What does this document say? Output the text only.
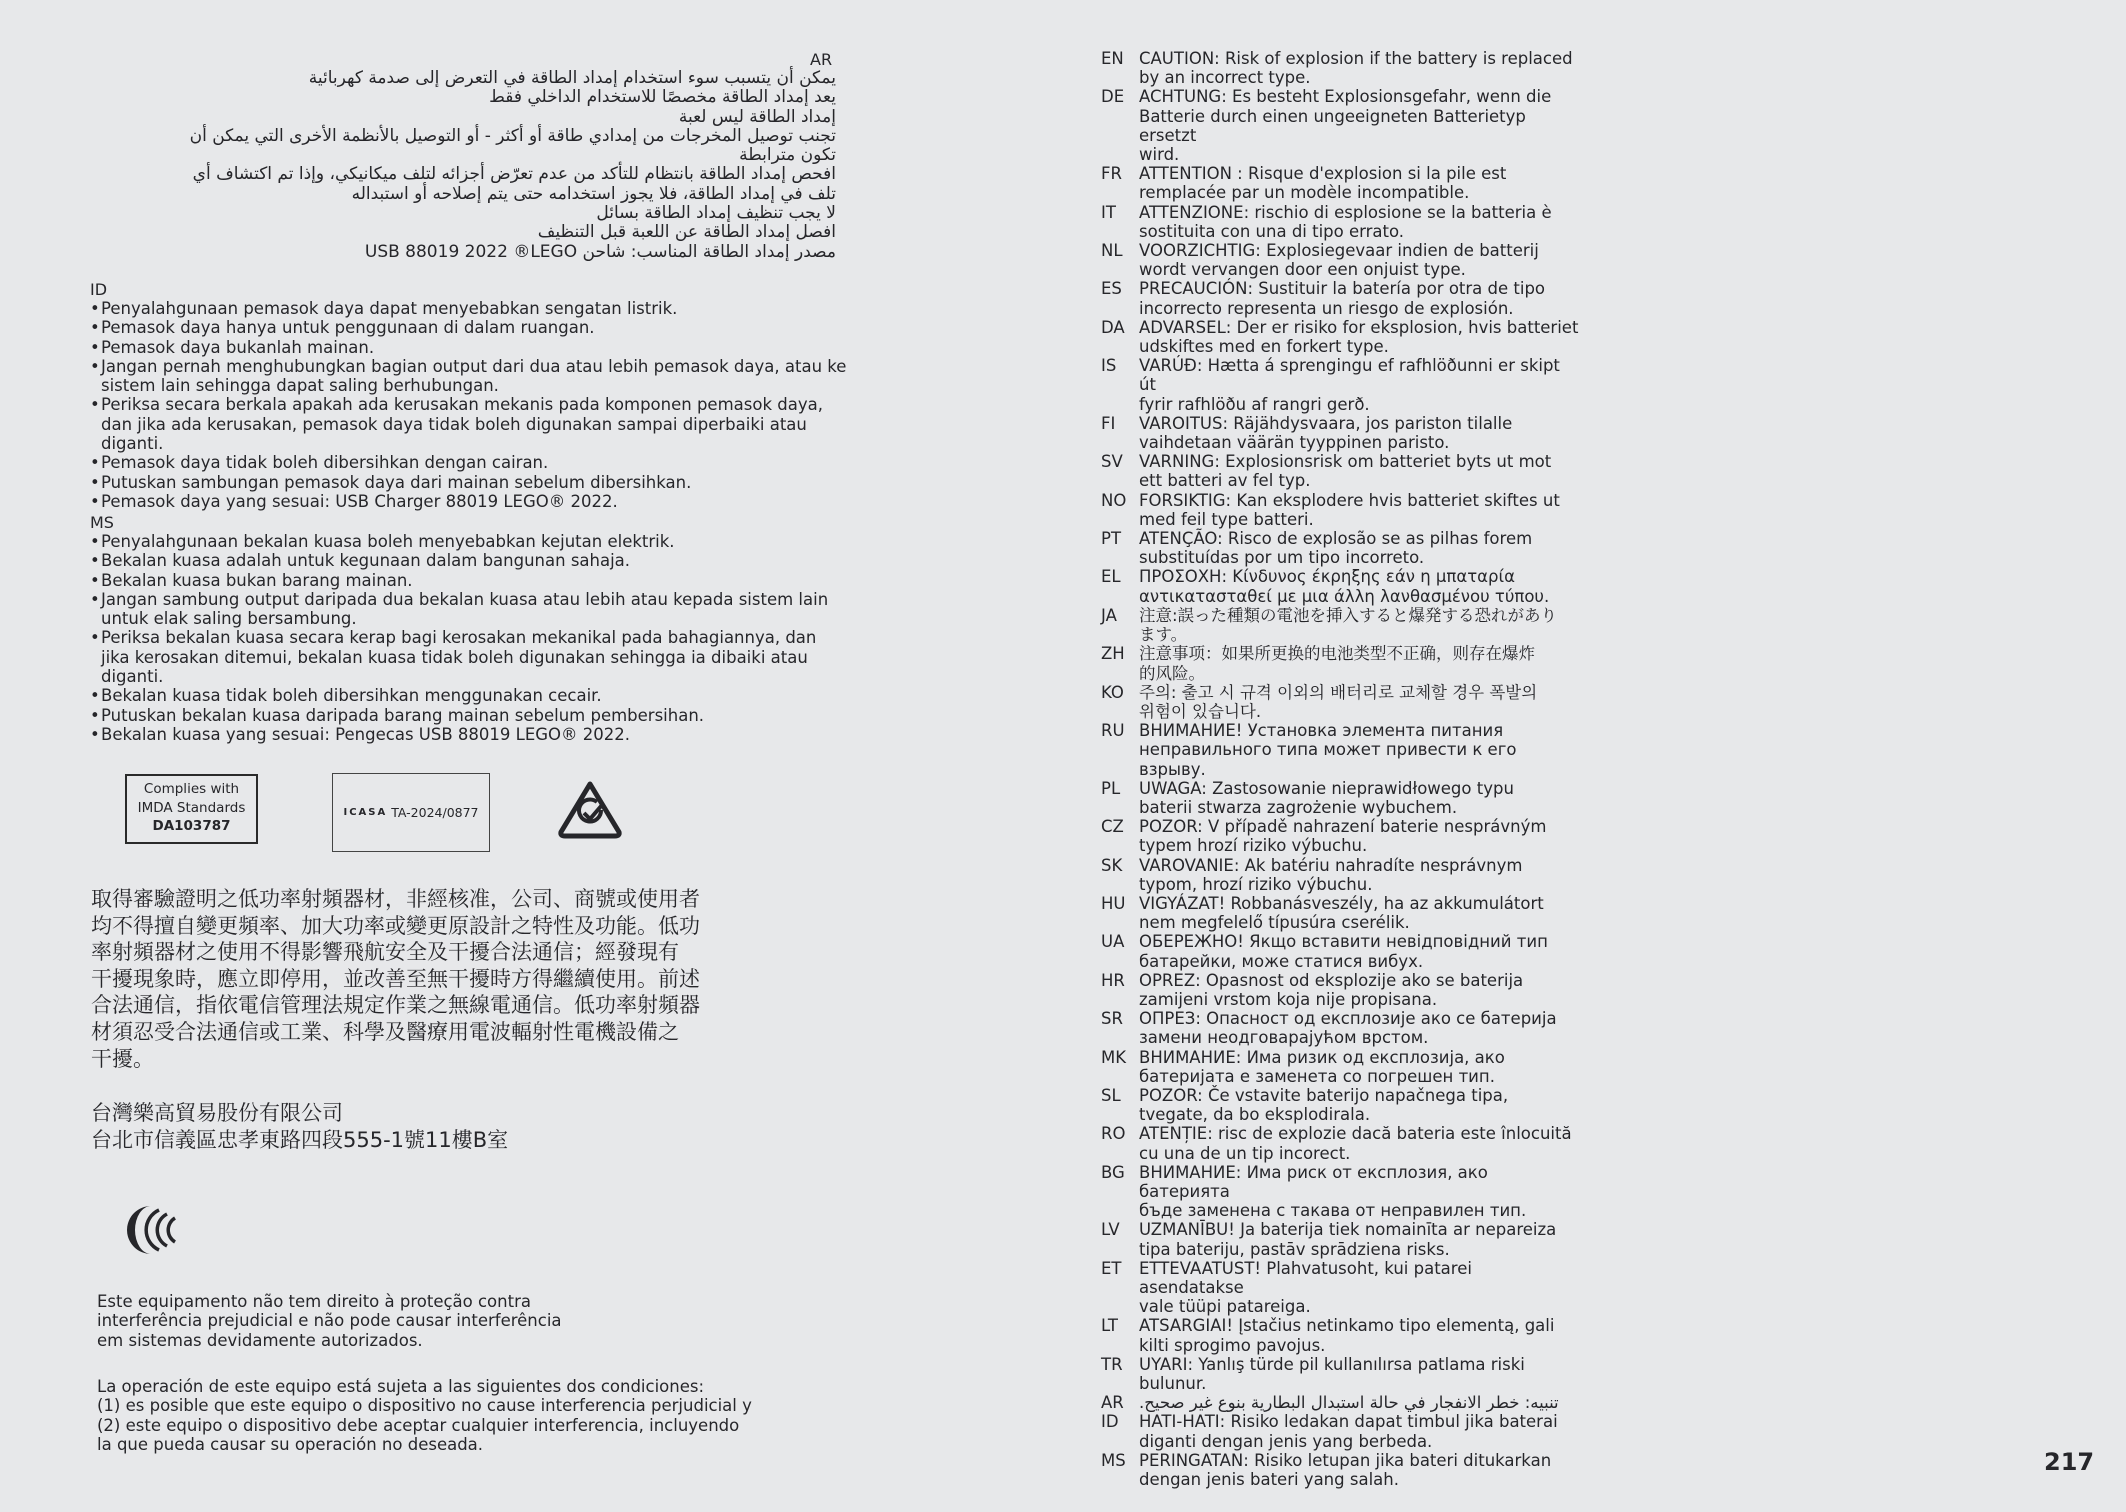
AR

يمكن أن يتسبب سوء استخدام إمداد الطاقة في التعرض إلى صدمة كهربائية

يعد إمداد الطاقة مخصصًا للاستخدام الداخلي فقط

إمداد الطاقة ليس لعبة

تجنب توصيل المخرجات من إمدادي طاقة أو أكثر - أو التوصيل بالأنظمة الأخرى التي يمكن أن

تكون مترابطة

افحص إمداد الطاقة بانتظام للتأكد من عدم تعرّض أجزائه لتلف ميكانيكي، وإذا تم اكتشاف أي

تلف في إمداد الطاقة، فلا يجوز استخدامه حتى يتم إصلاحه أو استبداله

لا يجب تنظيف إمداد الطاقة بسائل

افصل إمداد الطاقة عن اللعبة قبل التنظيف

مصدر إمداد الطاقة المناسب: شاحن USB 88019 2022 ®LEGO

ID

• Penyalahgunaan pemasok daya dapat menyebabkan sengatan listrik.
• Pemasok daya hanya untuk penggunaan di dalam ruangan.
• Pemasok daya bukanlah mainan.
• Jangan pernah menghubungkan bagian output dari dua atau lebih pemasok daya, atau ke sistem lain sehingga dapat saling berhubungan.
• Periksa secara berkala apakah ada kerusakan mekanis pada komponen pemasok daya, dan jika ada kerusakan, pemasok daya tidak boleh digunakan sampai diperbaiki atau diganti.
• Pemasok daya tidak boleh dibersihkan dengan cairan.
• Putuskan sambungan pemasok daya dari mainan sebelum dibersihkan.
• Pemasok daya yang sesuai: USB Charger 88019 LEGO® 2022.

MS

• Penyalahgunaan bekalan kuasa boleh menyebabkan kejutan elektrik.
• Bekalan kuasa adalah untuk kegunaan dalam bangunan sahaja.
• Bekalan kuasa bukan barang mainan.
• Jangan sambung output daripada dua bekalan kuasa atau lebih atau kepada sistem lain untuk elak saling bersambung.
• Periksa bekalan kuasa secara kerap bagi kerosakan mekanikal pada bahagiannya, dan jika kerosakan ditemui, bekalan kuasa tidak boleh digunakan sehingga ia dibaiki atau diganti.
• Bekalan kuasa tidak boleh dibersihkan menggunakan cecair.
• Putuskan bekalan kuasa daripada barang mainan sebelum pembersihan.
• Bekalan kuasa yang sesuai: Pengecas USB 88019 LEGO® 2022.
Complies with
IMDA Standards
DA103787
ICASA TA-2024/0877

取得審驗證明之低功率射頻器材，非經核准，公司、商號或使用者

均不得擅自變更頻率、加大功率或變更原設計之特性及功能。低功

率射頻器材之使用不得影響飛航安全及干擾合法通信；經發現有

干擾現象時，應立即停用，並改善至無干擾時方得繼續使用。前述

合法通信，指依電信管理法規定作業之無線電通信。低功率射頻器

材須忍受合法通信或工業、科學及醫療用電波輻射性電機設備之

干擾。

台灣樂高貿易股份有限公司

台北市信義區忠孝東路四段555-1號11樓B室

Este equipamento não tem direito à proteção contra

interferência prejudicial e não pode causar interferência

em sistemas devidamente autorizados.

La operación de este equipo está sujeta a las siguientes dos condiciones:

(1) es posible que este equipo o dispositivo no cause interferencia perjudicial y

(2) este equipo o dispositivo debe aceptar cualquier interferencia, incluyendo

la que pueda causar su operación no deseada.

EN CAUTION: Risk of explosion if the battery is replaced
by an incorrect type.
DE ACHTUNG: Es besteht Explosionsgefahr, wenn die
Batterie durch einen ungeeigneten Batterietyp ersetzt
wird.
FR	ATTENTION : Risque d'explosion si la pile est
remplacée par un modèle incompatible.
IT	ATTENZIONE: rischio di esplosione se la batteria è
sostituita con una di tipo errato.
NL VOORZICHTIG: Explosiegevaar indien de batterij
wordt vervangen door een onjuist type.
ES	PRECAUCIÓN: Sustituir la batería por otra de tipo
incorrecto representa un riesgo de explosión.
DA ADVARSEL: Der er risiko for eksplosion, hvis batteriet
udskiftes med en forkert type.
IS	VARÚÐ: Hætta á sprengingu ef rafhlöðunni er skipt út
fyrir rafhlöðu af rangri gerð.
FI	VAROITUS: Räjähdysvaara, jos pariston tilalle
vaihdetaan väärän tyyppinen paristo.
SV VARNING: Explosionsrisk om batteriet byts ut mot
ett batteri av fel typ.
NO FORSIKTIG: Kan eksplodere hvis batteriet skiftes ut
med feil type batteri.
PT	ATENÇÃO: Risco de explosão se as pilhas forem
substituídas por um tipo incorreto.
EL	ΠΡΟΣΟΧΗ: Κίνδυνος έκρηξης εάν η μπαταρία
αντικατασταθεί με μια άλλη λανθασμένου τύπου.
JA	注意:誤った種類の電池を挿入すると爆発する恐れがあり
ます。
ZH 注意事项：如果所更换的电池类型不正确，则存在爆炸
的风险。
KO 주의: 출고 시 규격 이외의 배터리로 교체할 경우 폭발의
위험이 있습니다.
RU ВНИМАНИЕ! Установка элемента питания
неправильного типа может привести к его взрыву.
PL	UWAGA: Zastosowanie nieprawidłowego typu
baterii stwarza zagrożenie wybuchem.
CZ POZOR: V případě nahrazení baterie nesprávným
typem hrozí riziko výbuchu.
SK	VAROVANIE: Ak batériu nahradíte nesprávnym
typom, hrozí riziko výbuchu.
HU VIGYÁZAT! Robbanásveszély, ha az akkumulátort
nem megfelelő típusúra cserélik.
UA ОБЕРЕЖНО! Якщо вставити невідповідний тип
батарейки, може статися вибух.
HR OPREZ: Opasnost od eksplozije ako se baterija
zamijeni vrstom koja nije propisana.
SR ОПРЕЗ: Опасност од експлозије ако се батерија
замени неодговарајућом врстом.
MK ВНИМАНИЕ: Има ризик од експлозија, ако
батеријата е заменета со погрешен тип.
SL	POZOR: Če vstavite baterijo napačnega tipa,
tvegate, da bo eksplodirala.
RO ATENȚIE: risc de explozie dacă bateria este înlocuită
cu una de un tip incorect.
BG ВНИМАНИЕ: Има риск от експлозия, ако батерията
бъде заменена с такава от неправилен тип.
LV	UZMANĪBU! Ja baterija tiek nomainīta ar nepareiza
tipa bateriju, pastāv sprādziena risks.
ET	ETTEVAATUST! Plahvatusoht, kui patarei asendatakse
vale tüüpi patareiga.
LT	ATSARGIAI! Įstačius netinkamo tipo elementą, gali
kilti sprogimo pavojus.
TR UYARI: Yanlış türde pil kullanılırsa patlama riski
bulunur.
AR تنبيه: خطر الانفجار في حالة استبدال البطارية بنوع غير صحيح.
ID	HATI-HATI: Risiko ledakan dapat timbul jika baterai
diganti dengan jenis yang berbeda.
MS PERINGATAN: Risiko letupan jika bateri ditukarkan
dengan jenis bateri yang salah.
217
